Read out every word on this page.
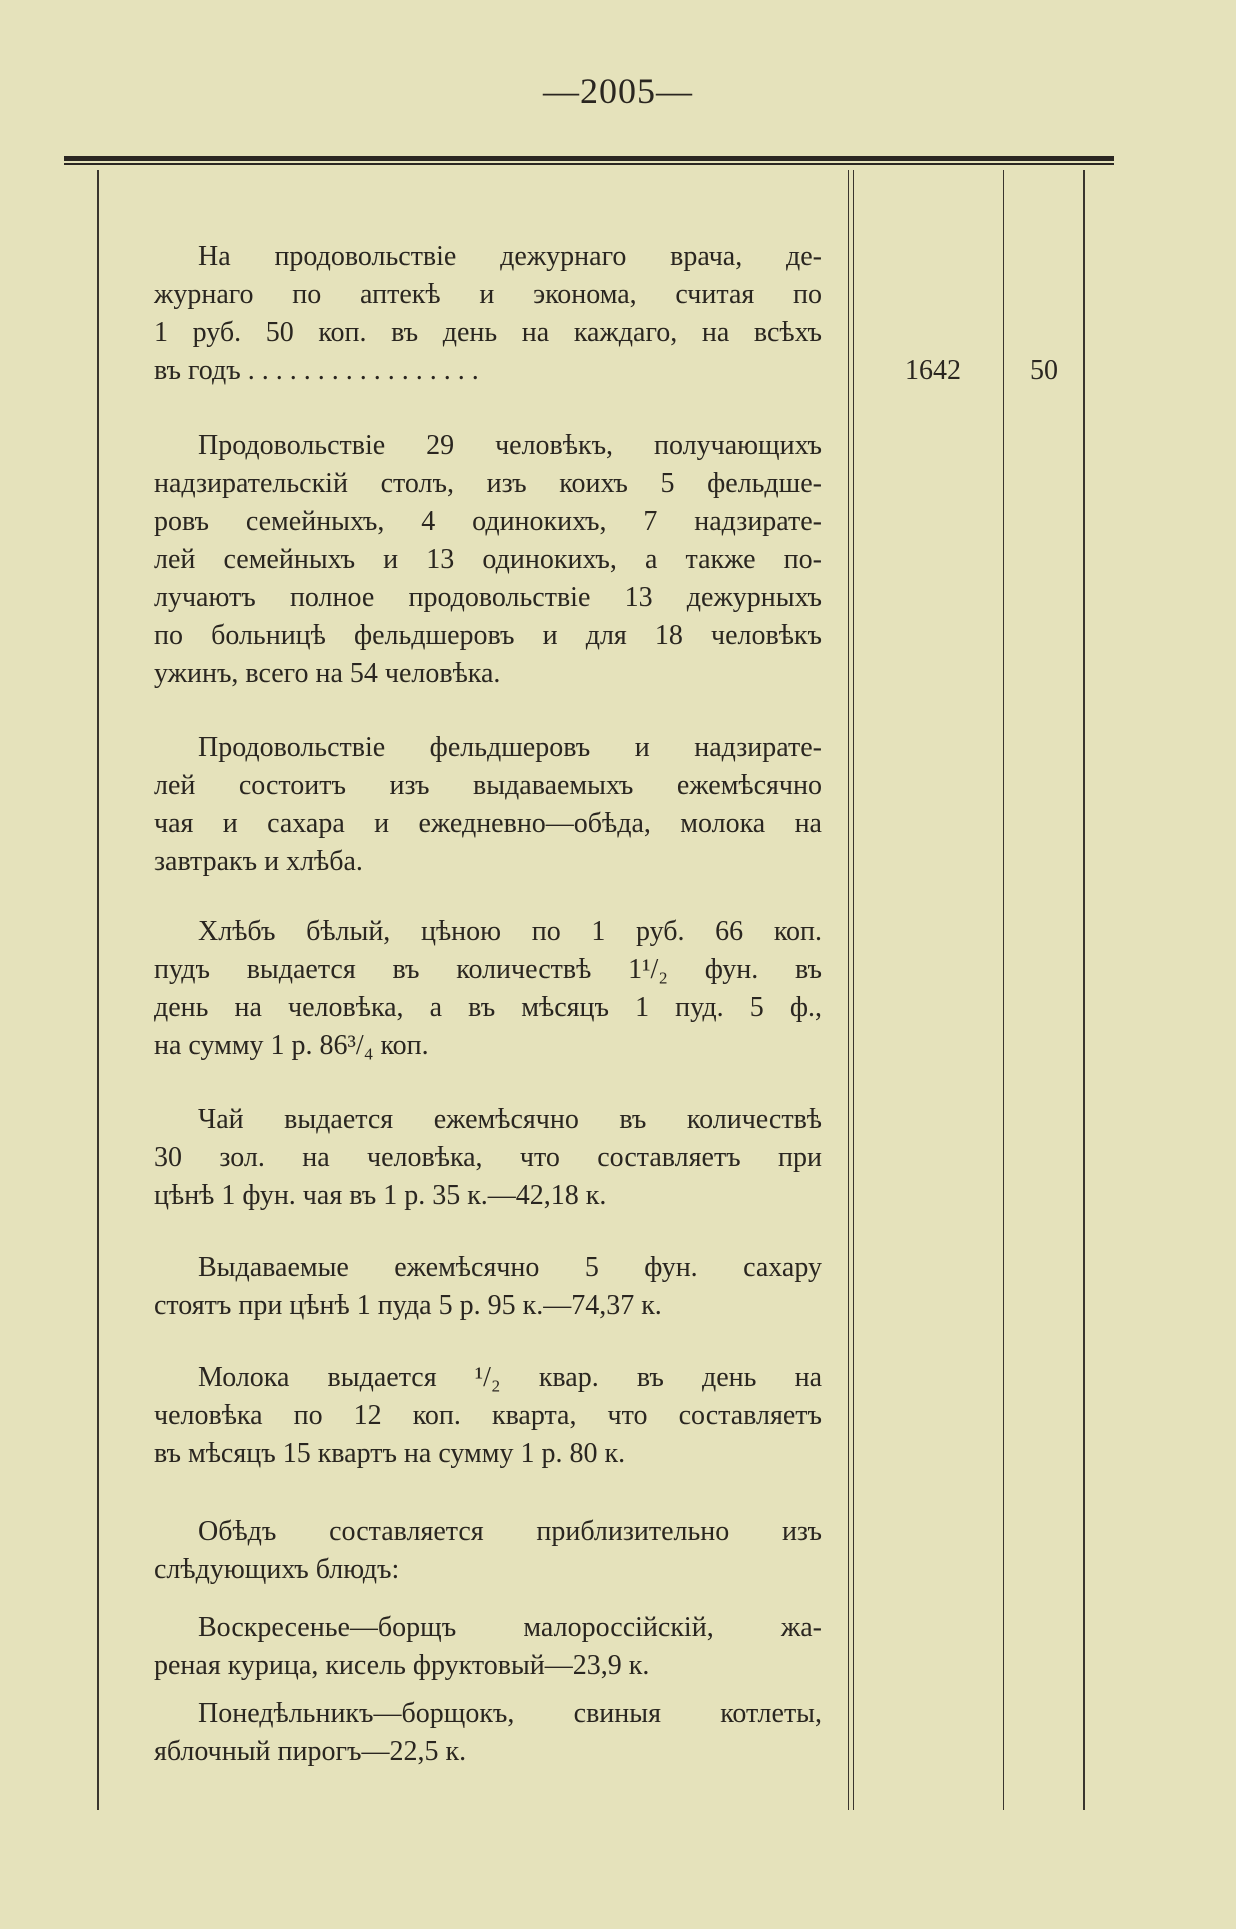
—2005—
1642 50
На продовольствіе дежурнаго врача, де-
журнаго по аптекѣ и эконома, считая по
1 руб. 50 коп. въ день на каждаго, на всѣхъ
въ годъ . . . . . . . . . . . . . . . . .
Продовольствіе 29 человѣкъ, получающихъ
надзирательскій столъ, изъ коихъ 5 фельдше-
ровъ семейныхъ, 4 одинокихъ, 7 надзирате-
лей семейныхъ и 13 одинокихъ, а также по-
лучаютъ полное продовольствіе 13 дежурныхъ
по больницѣ фельдшеровъ и для 18 человѣкъ
ужинъ, всего на 54 человѣка.
Продовольствіе фельдшеровъ и надзирате-
лей состоитъ изъ выдаваемыхъ ежемѣсячно
чая и сахара и ежедневно—обѣда, молока на
завтракъ и хлѣба.
Хлѣбъ бѣлый, цѣною по 1 руб. 66 коп.
пудъ выдается въ количествѣ 1¹/₂ фун. въ
день на человѣка, а въ мѣсяцъ 1 пуд. 5 ф.,
на сумму 1 р. 86³/₄ коп.
Чай выдается ежемѣсячно въ количествѣ
30 зол. на человѣка, что составляетъ при
цѣнѣ 1 фун. чая въ 1 р. 35 к.—42,18 к.
Выдаваемые ежемѣсячно 5 фун. сахару
стоятъ при цѣнѣ 1 пуда 5 р. 95 к.—74,37 к.
Молока выдается ¹/₂ квар. въ день на
человѣка по 12 коп. кварта, что составляетъ
въ мѣсяцъ 15 квартъ на сумму 1 р. 80 к.
Обѣдъ составляется приблизительно изъ
слѣдующихъ блюдъ:
Воскресенье—борщъ малороссійскій, жа-
реная курица, кисель фруктовый—23,9 к.
Понедѣльникъ—борщокъ, свиныя котлеты,
яблочный пирогъ—22,5 к.
